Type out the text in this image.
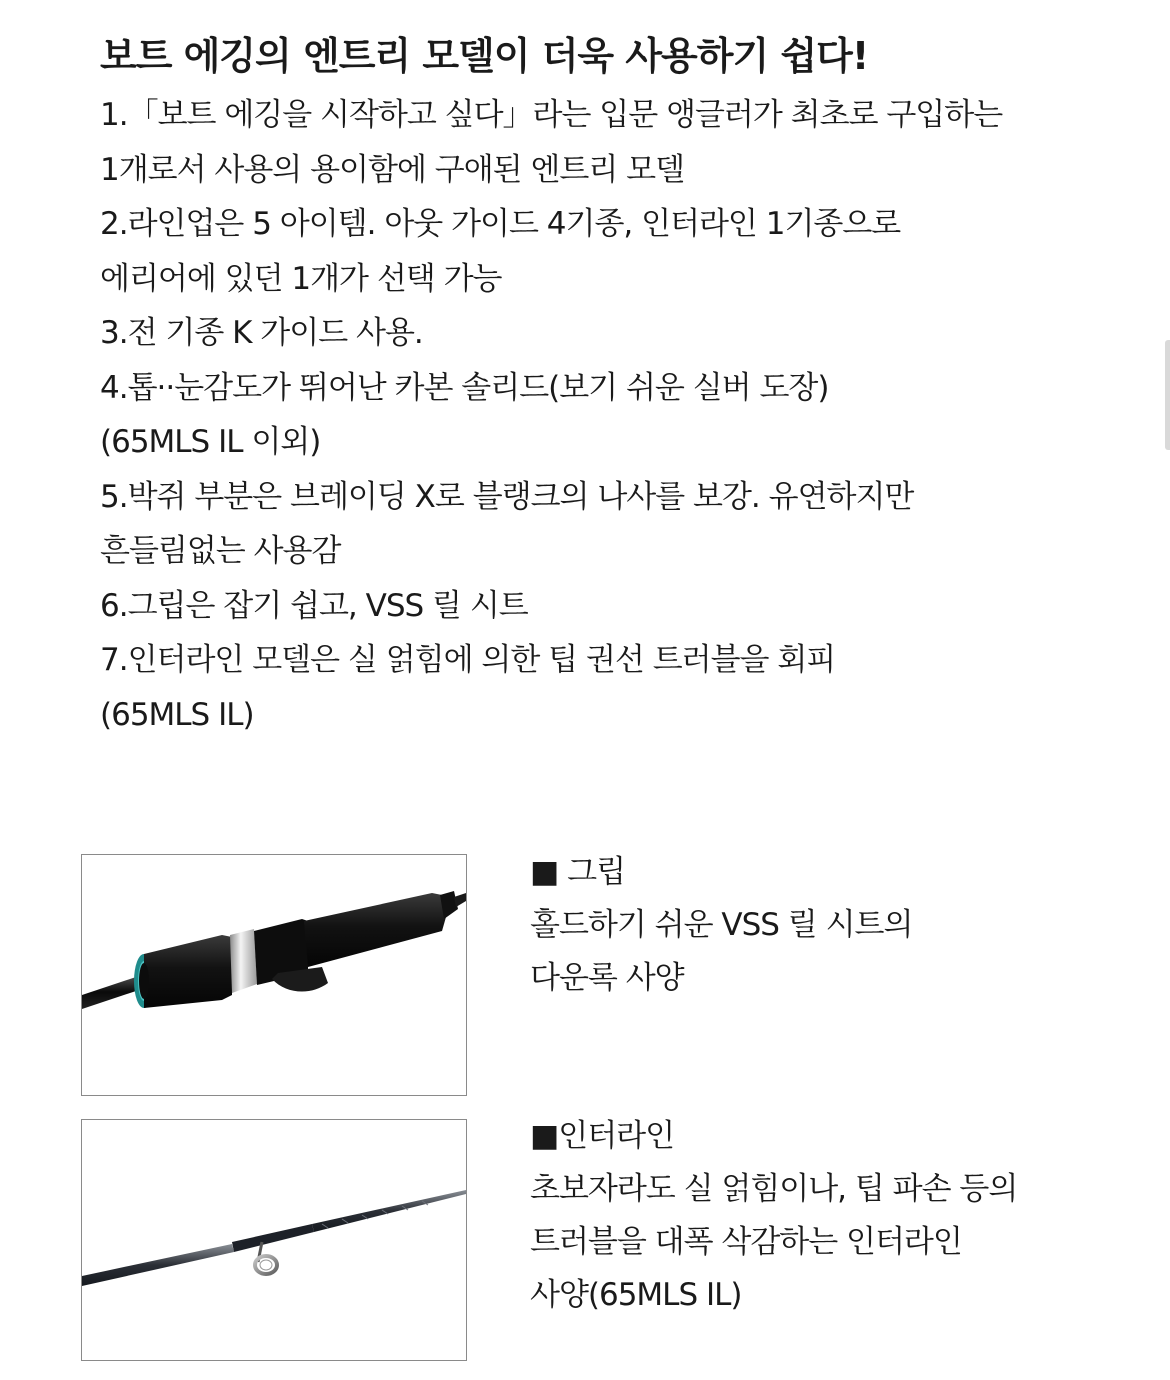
보트 에깅의 엔트리 모델이 더욱 사용하기 쉽다!
1.「보트 에깅을 시작하고 싶다」라는 입문 앵글러가 최초로 구입하는
1개로서 사용의 용이함에 구애된 엔트리 모델
2.라인업은 5 아이템. 아웃 가이드 4기종, 인터라인 1기종으로
에리어에 있던 1개가 선택 가능
3.전 기종 K 가이드 사용.
4.톱··눈감도가 뛰어난 카본 솔리드(보기 쉬운 실버 도장)
(65MLS IL 이외)
5.박쥐 부분은 브레이딩 X로 블랭크의 나사를 보강. 유연하지만
흔들림없는 사용감
6.그립은 잡기 쉽고, VSS 릴 시트
7.인터라인 모델은 실 얽힘에 의한 팁 권선 트러블을 회피
(65MLS IL)
■ 그립
홀드하기 쉬운 VSS 릴 시트의
다운록 사양
■인터라인
초보자라도 실 얽힘이나, 팁 파손 등의
트러블을 대폭 삭감하는 인터라인
사양(65MLS IL)
